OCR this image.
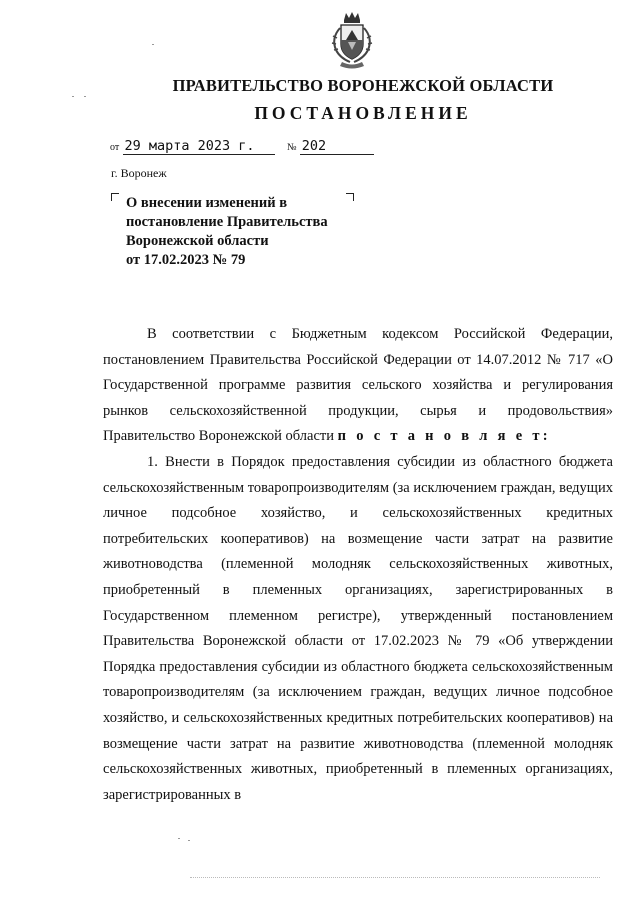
ПРАВИТЕЛЬСТВО ВОРОНЕЖСКОЙ ОБЛАСТИ
ПОСТАНОВЛЕНИЕ
от 29 марта 2023 г.	№ 202
г. Воронеж
О внесении изменений в
постановление Правительства
Воронежской области
от 17.02.2023 № 79

В соответствии с Бюджетным кодексом Российской Федерации, постановлением Правительства Российской Федерации от 14.07.2012 № 717 «О Государственной программе развития сельского хозяйства и регулирования рынков сельскохозяйственной продукции, сырья и продовольствия» Правительство Воронежской области п о с т а н о в л я е т:

1. Внести в Порядок предоставления субсидии из областного бюджета сельскохозяйственным товаропроизводителям (за исключением граждан, ведущих личное подсобное хозяйство, и сельскохозяйственных кредитных потребительских кооперативов) на возмещение части затрат на развитие животноводства (племенной молодняк сельскохозяйственных животных, приобретенный в племенных организациях, зарегистрированных в Государственном племенном регистре), утвержденный постановлением Правительства Воронежской области от 17.02.2023 № 79 «Об утверждении Порядка предоставления субсидии из областного бюджета сельскохозяйственным товаропроизводителям (за исключением граждан, ведущих личное подсобное хозяйство, и сельскохозяйственных кредитных потребительских кооперативов) на возмещение части затрат на развитие животноводства (племенной молодняк сельскохозяйственных животных, приобретенный в племенных организациях, зарегистрированных в
